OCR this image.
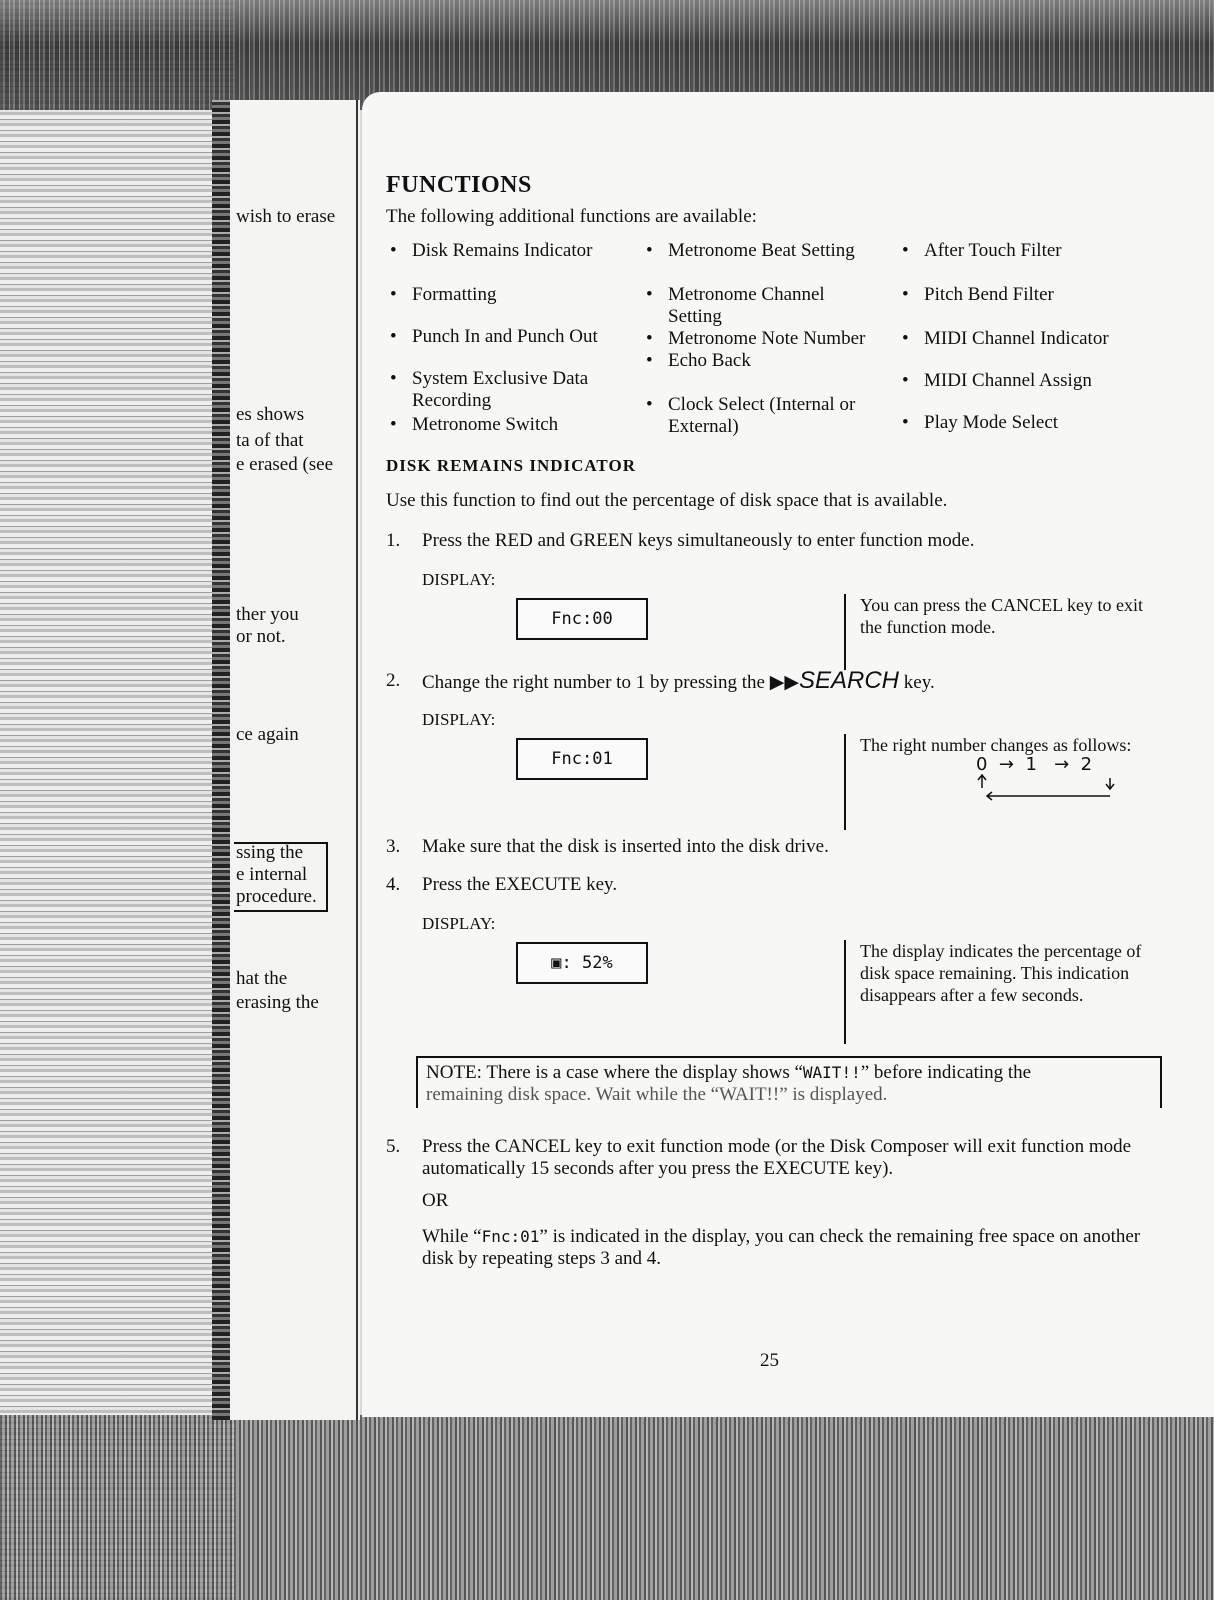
wish to erase
es shows
ta of that
e erased (see
ther you
or not.
ce again
ssing the
e internal
procedure.
hat the
erasing the
FUNCTIONS
The following additional functions are available:
• Disk Remains Indicator
• Formatting
• Punch In and Punch Out
• System Exclusive Data Recording
• Metronome Switch
• Metronome Beat Setting
• Metronome Channel Setting
• Metronome Note Number
• Echo Back
• Clock Select (Internal or External)
• After Touch Filter
• Pitch Bend Filter
• MIDI Channel Indicator
• MIDI Channel Assign
• Play Mode Select
DISK REMAINS INDICATOR
Use this function to find out the percentage of disk space that is available.
1. Press the RED and GREEN keys simultaneously to enter function mode.
DISPLAY:
Fnc:00
You can press the CANCEL key to exit the function mode.
2. Change the right number to 1 by pressing the ▶▶SEARCH key.
DISPLAY:
Fnc:01
The right number changes as follows:
0 → 1 → 2
3. Make sure that the disk is inserted into the disk drive.
4. Press the EXECUTE key.
DISPLAY:
▣: 52%
The display indicates the percentage of disk space remaining. This indication disappears after a few seconds.
NOTE: There is a case where the display shows “WAIT!!” before indicating the
remaining disk space. Wait while the “WAIT!!” is displayed.
5. Press the CANCEL key to exit function mode (or the Disk Composer will exit function mode automatically 15 seconds after you press the EXECUTE key).
OR
While “Fnc:01” is indicated in the display, you can check the remaining free space on another disk by repeating steps 3 and 4.
25
